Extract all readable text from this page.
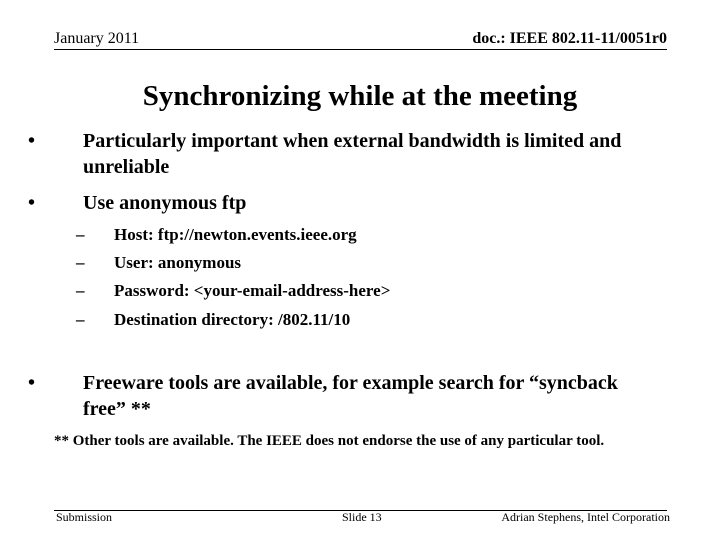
January 2011	doc.: IEEE 802.11-11/0051r0
Synchronizing while at the meeting
• Particularly important when external bandwidth is limited and unreliable
• Use anonymous ftp
– Host: ftp://newton.events.ieee.org
– User: anonymous
– Password: <your-email-address-here>
– Destination directory: /802.11/10
• Freeware tools are available, for example search for “syncback free” **
** Other tools are available. The IEEE does not endorse the use of any particular tool.
Submission	Slide 13	Adrian Stephens, Intel Corporation
